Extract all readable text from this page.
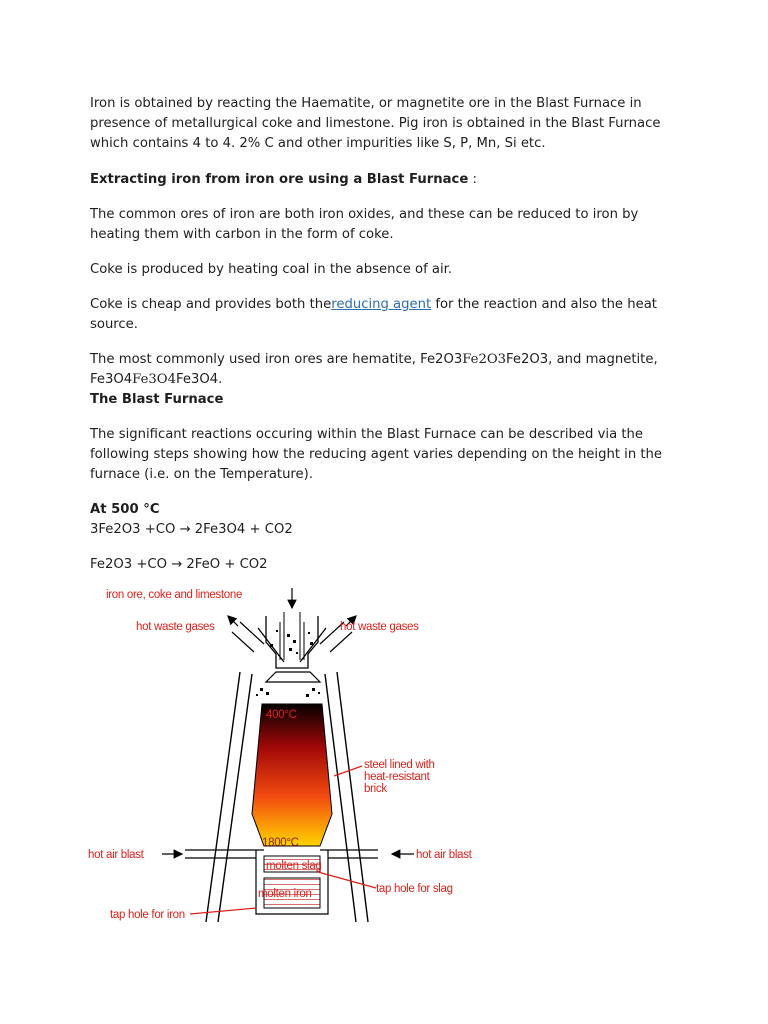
Iron is obtained by reacting the Haematite, or magnetite ore in the Blast Furnace in presence of metallurgical coke and limestone. Pig iron is obtained in the Blast Furnace which contains 4 to 4. 2% C and other impurities like S, P, Mn, Si etc.

Extracting iron from iron ore using a Blast Furnace :

The common ores of iron are both iron oxides, and these can be reduced to iron by heating them with carbon in the form of coke.

Coke is produced by heating coal in the absence of air.

Coke is cheap and provides both thereducing agent for the reaction and also the heat source.

The most commonly used iron ores are hematite, Fe2O3Fe2O3Fe2O3, and magnetite,
Fe3O4Fe3O4Fe3O4.

The Blast Furnace

The significant reactions occuring within the Blast Furnace can be described via the following steps showing how the reducing agent varies depending on the height in the furnace (i.e. on the Temperature).

At 500 °C

3Fe2O3 +CO → 2Fe3O4 + CO2

Fe2O3 +CO → 2FeO + CO2

iron ore, coke and limestone
hot waste gases	hot waste gases
400°C
steel lined with
heat-resistant
brick
1800°C
hot air blast	hot air blast
molten slag
molten iron	tap hole for slag
tap hole for iron
